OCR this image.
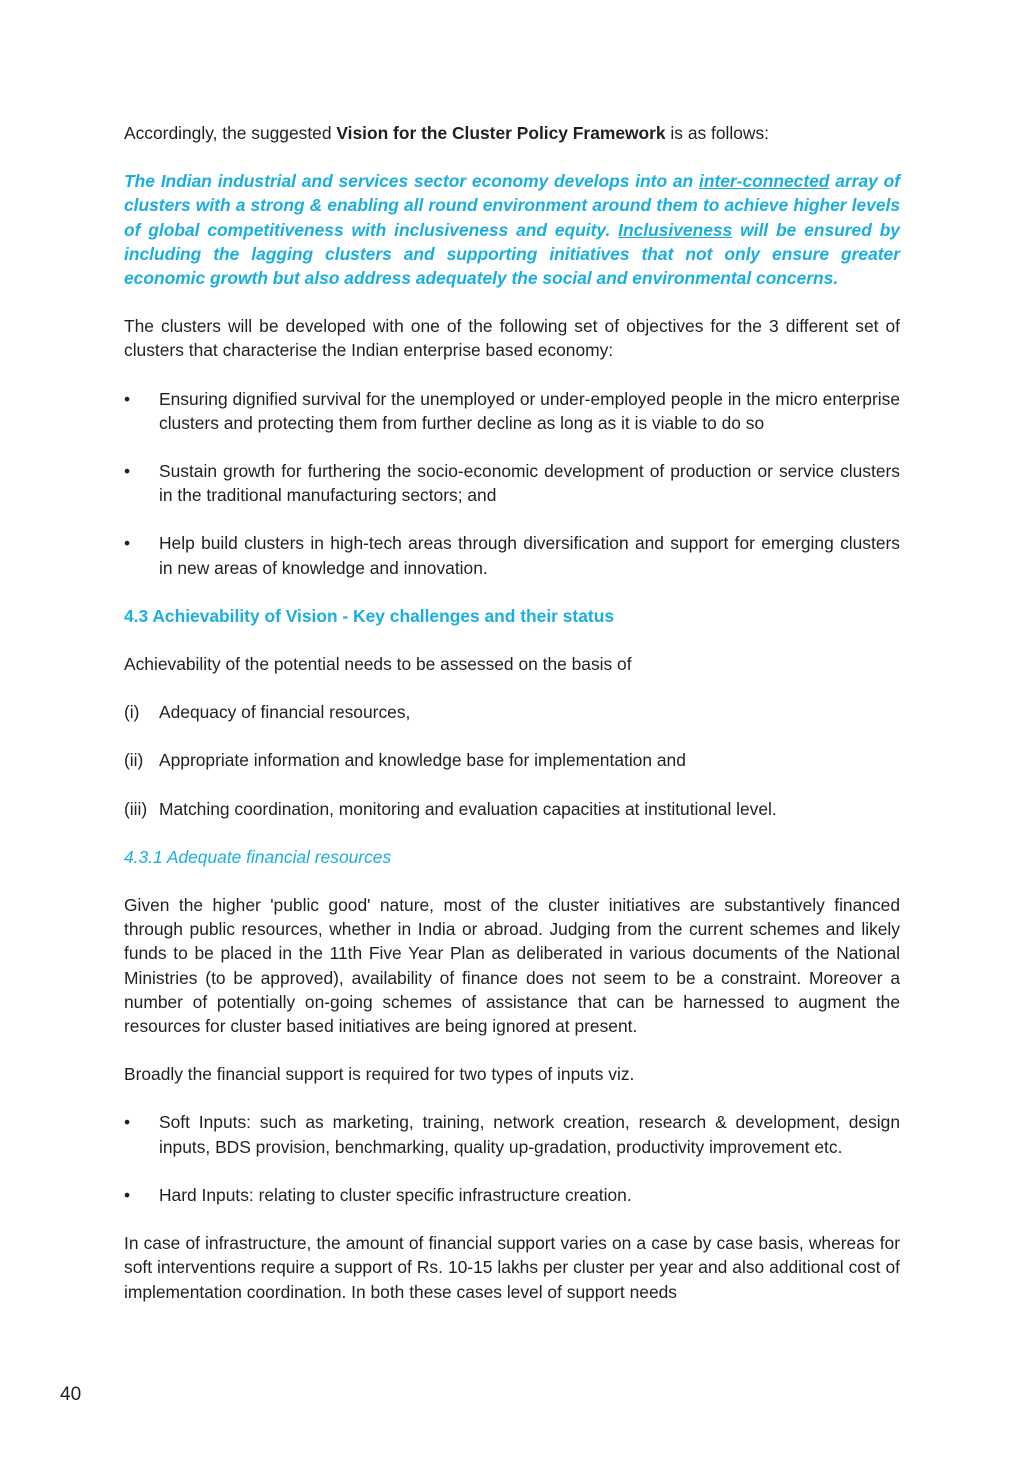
Accordingly, the suggested Vision for the Cluster Policy Framework is as follows:

The Indian industrial and services sector economy develops into an inter-connected array of clusters with a strong & enabling all round environment around them to achieve higher levels of global competitiveness with inclusiveness and equity. Inclusiveness will be ensured by including the lagging clusters and supporting initiatives that not only ensure greater economic growth but also address adequately the social and environmental concerns.

The clusters will be developed with one of the following set of objectives for the 3 different set of clusters that characterise the Indian enterprise based economy:

•	Ensuring dignified survival for the unemployed or under-employed people in the micro enterprise clusters and protecting them from further decline as long as it is viable to do so
•	Sustain growth for furthering the socio-economic development of production or service clusters in the traditional manufacturing sectors; and
•	Help build clusters in high-tech areas through diversification and support for emerging clusters in new areas of knowledge and innovation.

4.3 Achievability of Vision - Key challenges and their status

Achievability of the potential needs to be assessed on the basis of

(i) Adequacy of financial resources,
(ii) Appropriate information and knowledge base for implementation and
(iii) Matching coordination, monitoring and evaluation capacities at institutional level.

4.3.1 Adequate financial resources

Given the higher 'public good' nature, most of the cluster initiatives are substantively financed through public resources, whether in India or abroad. Judging from the current schemes and likely funds to be placed in the 11th Five Year Plan as deliberated in various documents of the National Ministries (to be approved), availability of finance does not seem to be a constraint. Moreover a number of potentially on-going schemes of assistance that can be harnessed to augment the resources for cluster based initiatives are being ignored at present.

Broadly the financial support is required for two types of inputs viz.

•	Soft Inputs: such as marketing, training, network creation, research & development, design inputs, BDS provision, benchmarking, quality up-gradation, productivity improvement etc.
•	Hard Inputs: relating to cluster specific infrastructure creation.

In case of infrastructure, the amount of financial support varies on a case by case basis, whereas for soft interventions require a support of Rs. 10-15 lakhs per cluster per year and also additional cost of implementation coordination. In both these cases level of support needs

40
